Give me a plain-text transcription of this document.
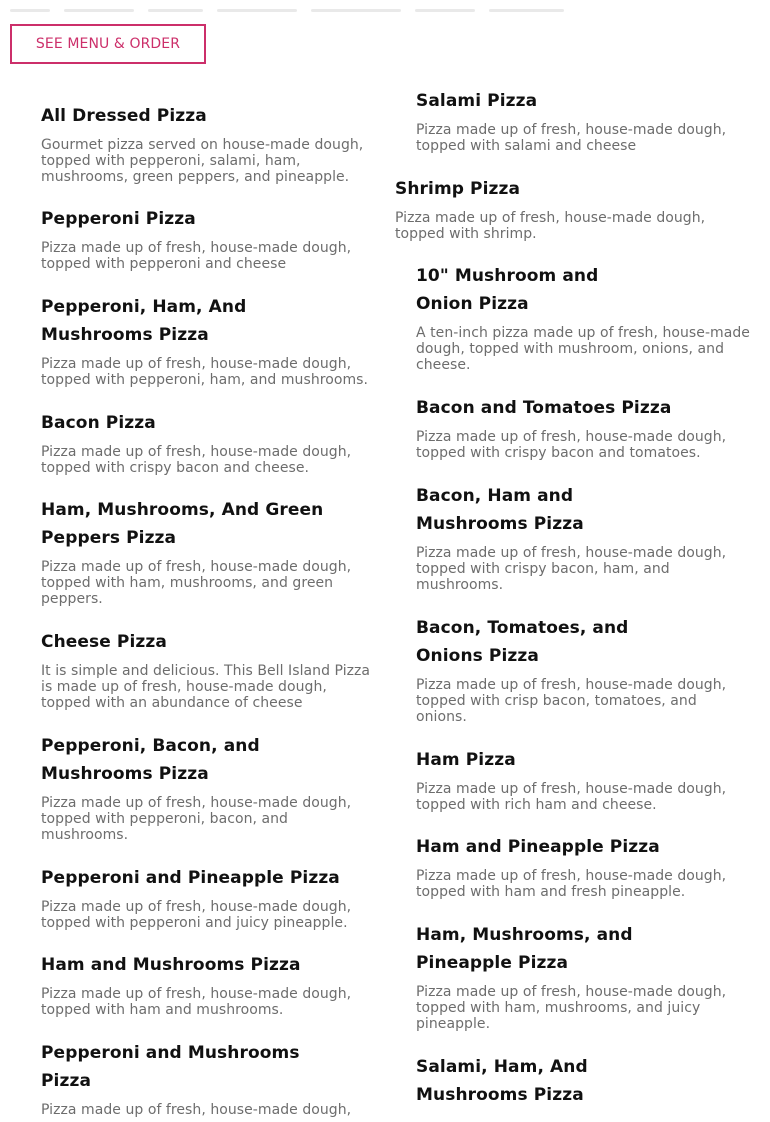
SEE MENU & ORDER
All Dressed Pizza

Gourmet pizza served on house-made dough, topped with pepperoni, salami, ham, mushrooms, green peppers, and pineapple.

Pepperoni Pizza

Pizza made up of fresh, house-made dough, topped with pepperoni and cheese

Pepperoni, Ham, And Mushrooms Pizza

Pizza made up of fresh, house-made dough, topped with pepperoni, ham, and mushrooms.

Bacon Pizza

Pizza made up of fresh, house-made dough, topped with crispy bacon and cheese.

Ham, Mushrooms, And Green Peppers Pizza

Pizza made up of fresh, house-made dough, topped with ham, mushrooms, and green peppers.

Cheese Pizza

It is simple and delicious. This Bell Island Pizza is made up of fresh, house-made dough, topped with an abundance of cheese

Pepperoni, Bacon, and Mushrooms Pizza

Pizza made up of fresh, house-made dough, topped with pepperoni, bacon, and mushrooms.

Pepperoni and Pineapple Pizza

Pizza made up of fresh, house-made dough, topped with pepperoni and juicy pineapple.

Ham and Mushrooms Pizza

Pizza made up of fresh, house-made dough, topped with ham and mushrooms.

Pepperoni and Mushrooms Pizza

Pizza made up of fresh, house-made dough,

Salami Pizza

Pizza made up of fresh, house-made dough, topped with salami and cheese

Shrimp Pizza

Pizza made up of fresh, house-made dough, topped with shrimp.

10" Mushroom and Onion Pizza

A ten-inch pizza made up of fresh, house-made dough, topped with mushroom, onions, and cheese.

Bacon and Tomatoes Pizza

Pizza made up of fresh, house-made dough, topped with crispy bacon and tomatoes.

Bacon, Ham and Mushrooms Pizza

Pizza made up of fresh, house-made dough, topped with crispy bacon, ham, and mushrooms.

Bacon, Tomatoes, and Onions Pizza

Pizza made up of fresh, house-made dough, topped with crisp bacon, tomatoes, and onions.

Ham Pizza

Pizza made up of fresh, house-made dough, topped with rich ham and cheese.

Ham and Pineapple Pizza

Pizza made up of fresh, house-made dough, topped with ham and fresh pineapple.

Ham, Mushrooms, and Pineapple Pizza

Pizza made up of fresh, house-made dough, topped with ham, mushrooms, and juicy pineapple.

Salami, Ham, And Mushrooms Pizza
